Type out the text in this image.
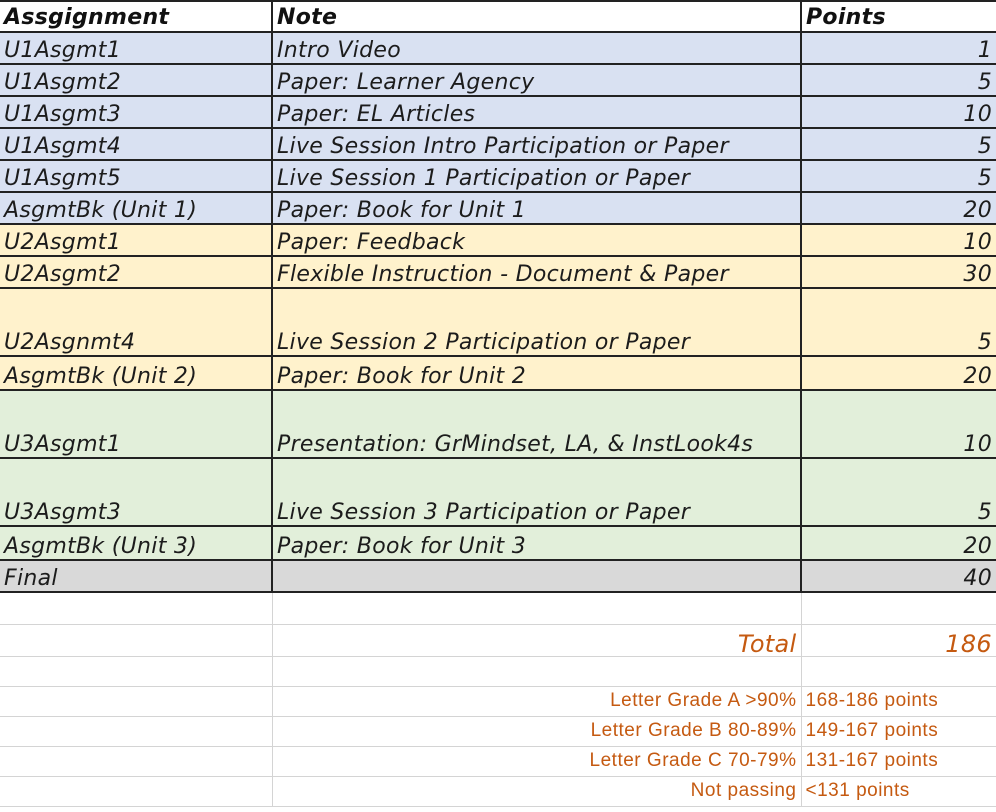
Assgignment	Note	Points
U1Asgmt1	Intro Video	1
U1Asgmt2	Paper: Learner Agency	5
U1Asgmt3	Paper: EL Articles	10
U1Asgmt4	Live Session Intro Participation or Paper	5
U1Asgmt5	Live Session 1 Participation or Paper	5
AsgmtBk (Unit 1)	Paper: Book for Unit 1	20
U2Asgmt1	Paper: Feedback	10
U2Asgmt2	Flexible Instruction - Document & Paper	30
U2Asgnmt4	Live Session 2 Participation or Paper	5
AsgmtBk (Unit 2)	Paper: Book for Unit 2	20
U3Asgmt1	Presentation: GrMindset, LA, & InstLook4s	10
U3Asgmt3	Live Session 3 Participation or Paper	5
AsgmtBk (Unit 3)	Paper: Book for Unit 3	20
Final		40

	Total	186

	Letter Grade A >90%	168-186 points
	Letter Grade B 80-89%	149-167 points
	Letter Grade C 70-79%	131-167 points
	Not passing	<131 points
